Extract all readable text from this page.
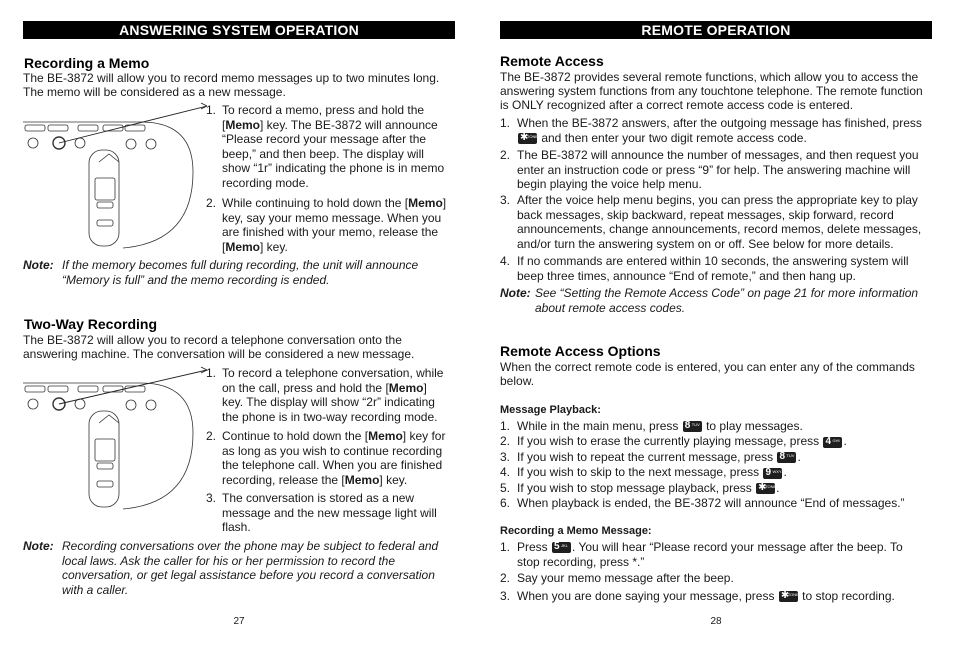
ANSWERING SYSTEM OPERATION
Recording a Memo

The BE-3872 will allow you to record memo messages up to two minutes long.

The memo will be considered as a new message.

1. To record a memo, press and hold the
[Memo] key. The BE-3872 will announce
“Please record your message after the
beep,” and then beep. The display will
show “1r” indicating the phone is in memo
recording mode.
2. While continuing to hold down the [Memo]
key, say your memo message. When you
are finished with your memo, release the
[Memo] key.
Note: If the memory becomes full during recording, the unit will announce
“Memory is full” and the memo recording is ended.
Two-Way Recording

The BE-3872 will allow you to record a telephone conversation onto the

answering machine. The conversation will be considered a new message.

1. To record a telephone conversation, while
on the call, press and hold the [Memo]
key. The display will show “2r” indicating
the phone is in two-way recording mode.
2. Continue to hold down the [Memo] key for
as long as you wish to continue recording
the telephone call. When you are finished
recording, release the [Memo] key.
3. The conversation is stored as a new
message and the new message light will
flash.
Note: Recording conversations over the phone may be subject to federal and
local laws. Ask the caller for his or her permission to record the
conversation, or get legal assistance before you record a conversation
with a caller.
27
REMOTE OPERATION
Remote Access

The BE-3872 provides several remote functions, which allow you to access the

answering system functions from any touchtone telephone. The remote function

is ONLY recognized after a correct remote access code is entered.

1. When the BE-3872 answers, after the outgoing message has finished, press
✱
TONE and then enter your two digit remote access code.
2. The BE-3872 will announce the number of messages, and then request you
enter an instruction code or press “9” for help. The answering machine will
begin playing the voice help menu.
3. After the voice help menu begins, you can press the appropriate key to play
back messages, skip backward, repeat messages, skip forward, record
announcements, change announcements, record memos, delete messages,
and/or turn the answering system on or off. See below for more details.
4. If no commands are entered within 10 seconds, the answering system will
beep three times, announce “End of remote,” and then hang up.
Note: See “Setting the Remote Access Code” on page 21 for more information
about remote access codes.
Remote Access Options

When the correct remote code is entered, you can enter any of the commands

below.

Message Playback:

1. While in the main menu, press 8 TUV to play messages.
2. If you wish to erase the currently playing message, press 4 GHI .
3. If you wish to repeat the current message, press 8 TUV .
4. If you wish to skip to the next message, press 9 WXYZ .
5. If you wish to stop message playback, press ✱
TONE .
6. When playback is ended, the BE-3872 will announce “End of messages.”

Recording a Memo Message:

1. Press 5 JKL . You will hear “Please record your message after the beep. To
stop recording, press *.”
2. Say your memo message after the beep.
3. When you are done saying your message, press ✱
TONE to stop recording.
28
